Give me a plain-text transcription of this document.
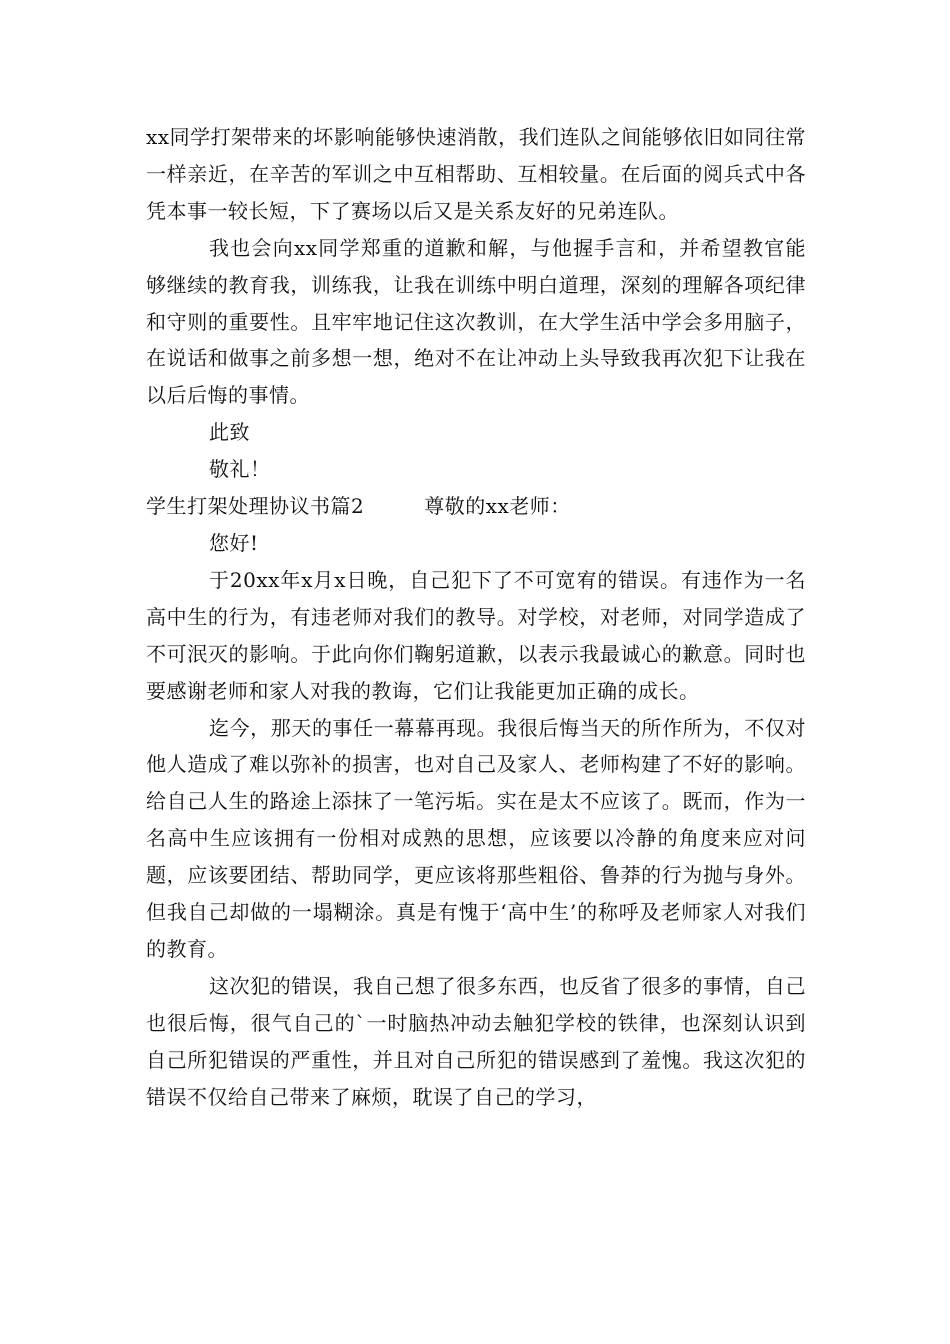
xx同学打架带来的坏影响能够快速消散，我们连队之间能够依旧如同往常一样亲近，在辛苦的军训之中互相帮助、互相较量。在后面的阅兵式中各凭本事一较长短，下了赛场以后又是关系友好的兄弟连队。

我也会向xx同学郑重的道歉和解，与他握手言和，并希望教官能够继续的教育我，训练我，让我在训练中明白道理，深刻的理解各项纪律和守则的重要性。且牢牢地记住这次教训，在大学生活中学会多用脑子，在说话和做事之前多想一想，绝对不在让冲动上头导致我再次犯下让我在以后后悔的事情。

此致

敬礼！

学生打架处理协议书篇2	尊敬的xx老师：

您好!

于20xx年x月x日晚，自己犯下了不可宽宥的错误。有违作为一名高中生的行为，有违老师对我们的教导。对学校，对老师，对同学造成了不可泯灭的影响。于此向你们鞠躬道歉，以表示我最诚心的歉意。同时也要感谢老师和家人对我的教诲，它们让我能更加正确的成长。

迄今，那天的事任一幕幕再现。我很后悔当天的所作所为，不仅对他人造成了难以弥补的损害，也对自己及家人、老师构建了不好的影响。给自己人生的路途上添抹了一笔污垢。实在是太不应该了。既而，作为一名高中生应该拥有一份相对成熟的思想，应该要以冷静的角度来应对问题，应该要团结、帮助同学，更应该将那些粗俗、鲁莽的行为抛与身外。但我自己却做的一塌糊涂。真是有愧于‘高中生’的称呼及老师家人对我们的教育。

这次犯的错误，我自己想了很多东西，也反省了很多的事情，自己也很后悔，很气自己的`一时脑热冲动去触犯学校的铁律，也深刻认识到自己所犯错误的严重性，并且对自己所犯的错误感到了羞愧。我这次犯的错误不仅给自己带来了麻烦，耽误了自己的学习，
